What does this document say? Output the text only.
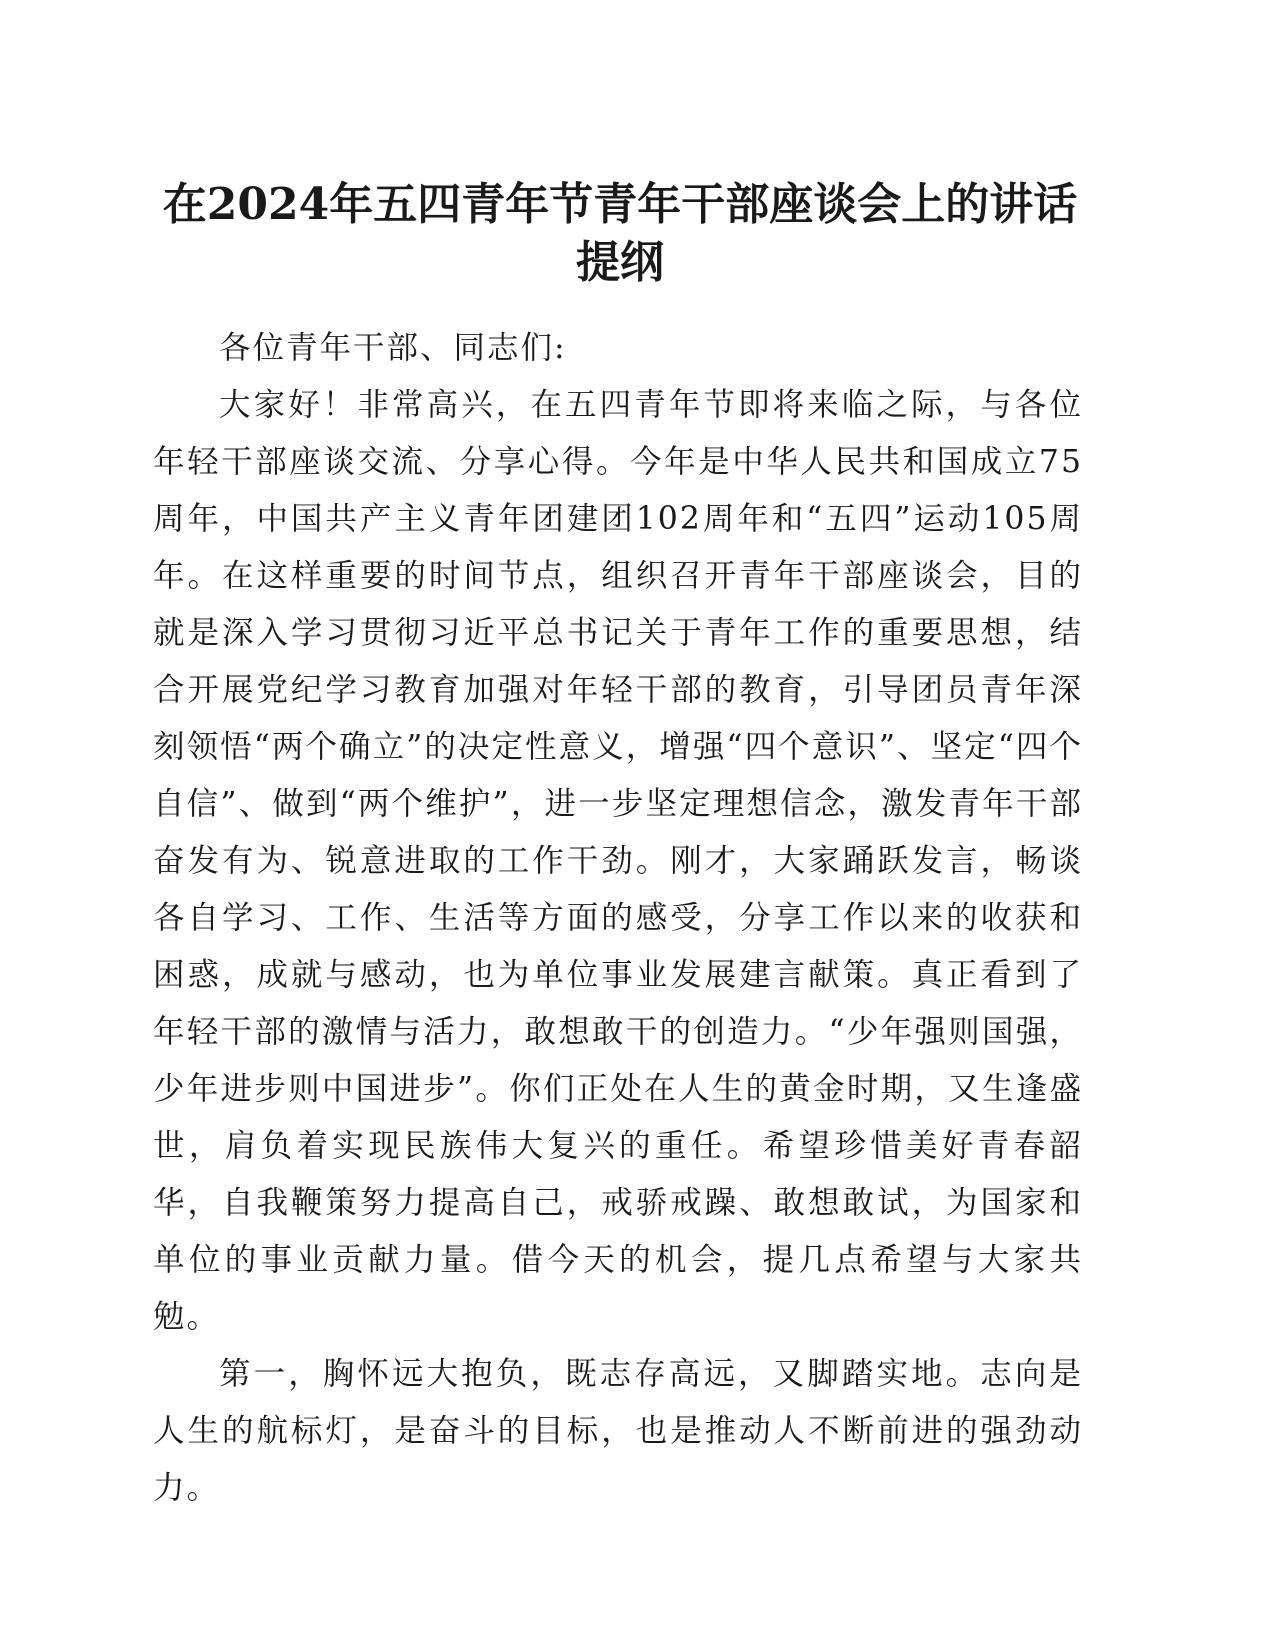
在2024年五四青年节青年干部座谈会上的讲话
提纲

各位青年干部、同志们:

大家好！非常高兴，在五四青年节即将来临之际，与各位年轻干部座谈交流、分享心得。今年是中华人民共和国成立75周年，中国共产主义青年团建团102周年和“五四”运动105周年。在这样重要的时间节点，组织召开青年干部座谈会，目的就是深入学习贯彻习近平总书记关于青年工作的重要思想，结合开展党纪学习教育加强对年轻干部的教育，引导团员青年深刻领悟“两个确立”的决定性意义，增强“四个意识”、坚定“四个自信”、做到“两个维护”，进一步坚定理想信念，激发青年干部奋发有为、锐意进取的工作干劲。刚才，大家踊跃发言，畅谈各自学习、工作、生活等方面的感受，分享工作以来的收获和困惑，成就与感动，也为单位事业发展建言献策。真正看到了年轻干部的激情与活力，敢想敢干的创造力。“少年强则国强，少年进步则中国进步”。你们正处在人生的黄金时期，又生逢盛世，肩负着实现民族伟大复兴的重任。希望珍惜美好青春韶华，自我鞭策努力提高自己，戒骄戒躁、敢想敢试，为国家和单位的事业贡献力量。借今天的机会，提几点希望与大家共勉。

第一，胸怀远大抱负，既志存高远，又脚踏实地。志向是人生的航标灯，是奋斗的目标，也是推动人不断前进的强劲动力。
